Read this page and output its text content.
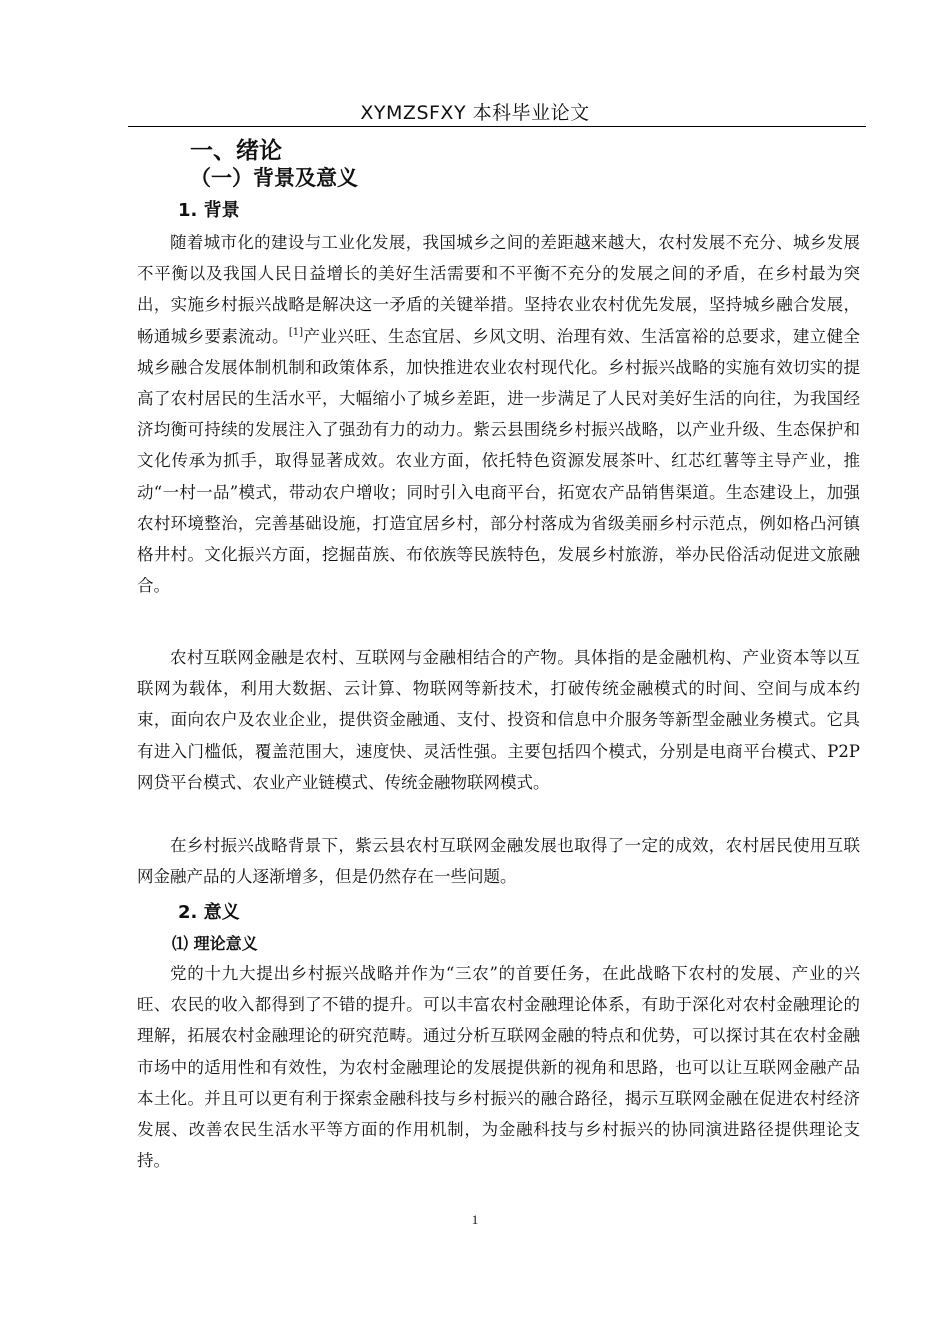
XYMZSFXY 本科毕业论文
一、绪论
（一）背景及意义
1. 背景

随着城市化的建设与工业化发展，我国城乡之间的差距越来越大，农村发展不充分、城乡发展不平衡以及我国人民日益增长的美好生活需要和不平衡不充分的发展之间的矛盾，在乡村最为突出，实施乡村振兴战略是解决这一矛盾的关键举措。坚持农业农村优先发展，坚持城乡融合发展，畅通城乡要素流动。[1]产业兴旺、生态宜居、乡风文明、治理有效、生活富裕的总要求，建立健全城乡融合发展体制机制和政策体系，加快推进农业农村现代化。乡村振兴战略的实施有效切实的提高了农村居民的生活水平，大幅缩小了城乡差距，进一步满足了人民对美好生活的向往，为我国经济均衡可持续的发展注入了强劲有力的动力。紫云县围绕乡村振兴战略，以产业升级、生态保护和文化传承为抓手，取得显著成效。农业方面，依托特色资源发展茶叶、红芯红薯等主导产业，推动“一村一品”模式，带动农户增收；同时引入电商平台，拓宽农产品销售渠道。生态建设上，加强农村环境整治，完善基础设施，打造宜居乡村，部分村落成为省级美丽乡村示范点，例如格凸河镇格井村。文化振兴方面，挖掘苗族、布依族等民族特色，发展乡村旅游，举办民俗活动促进文旅融合。

农村互联网金融是农村、互联网与金融相结合的产物。具体指的是金融机构、产业资本等以互联网为载体，利用大数据、云计算、物联网等新技术，打破传统金融模式的时间、空间与成本约束，面向农户及农业企业，提供资金融通、支付、投资和信息中介服务等新型金融业务模式。它具有进入门槛低，覆盖范围大，速度快、灵活性强。主要包括四个模式，分别是电商平台模式、P2P 网贷平台模式、农业产业链模式、传统金融物联网模式。

在乡村振兴战略背景下，紫云县农村互联网金融发展也取得了一定的成效，农村居民使用互联网金融产品的人逐渐增多，但是仍然存在一些问题。

2. 意义
⑴ 理论意义

党的十九大提出乡村振兴战略并作为“三农”的首要任务，在此战略下农村的发展、产业的兴旺、农民的收入都得到了不错的提升。可以丰富农村金融理论体系，有助于深化对农村金融理论的理解，拓展农村金融理论的研究范畴。通过分析互联网金融的特点和优势，可以探讨其在农村金融市场中的适用性和有效性，为农村金融理论的发展提供新的视角和思路，也可以让互联网金融产品本土化。并且可以更有利于探索金融科技与乡村振兴的融合路径，揭示互联网金融在促进农村经济发展、改善农民生活水平等方面的作用机制，为金融科技与乡村振兴的协同演进路径提供理论支持。

1
